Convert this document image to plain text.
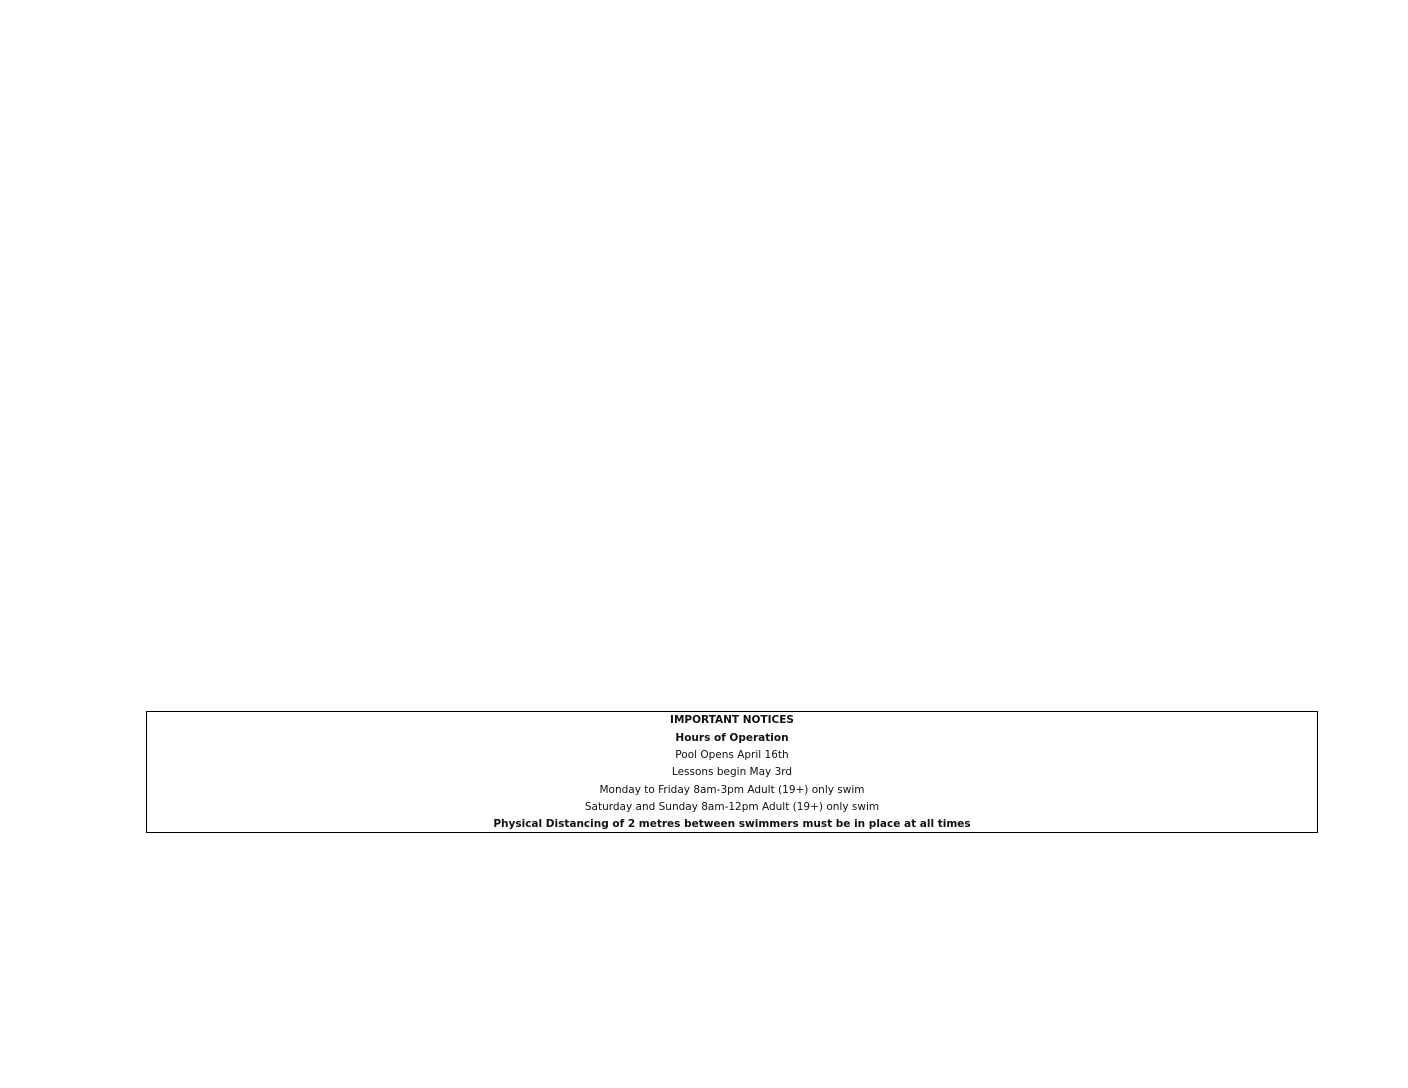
IMPORTANT NOTICES
Hours of Operation
Pool Opens April 16th
Lessons begin May 3rd
Monday to Friday 8am-3pm Adult (19+) only swim
Saturday and Sunday 8am-12pm Adult (19+) only swim
Physical Distancing of 2 metres between swimmers must be in place at all times
